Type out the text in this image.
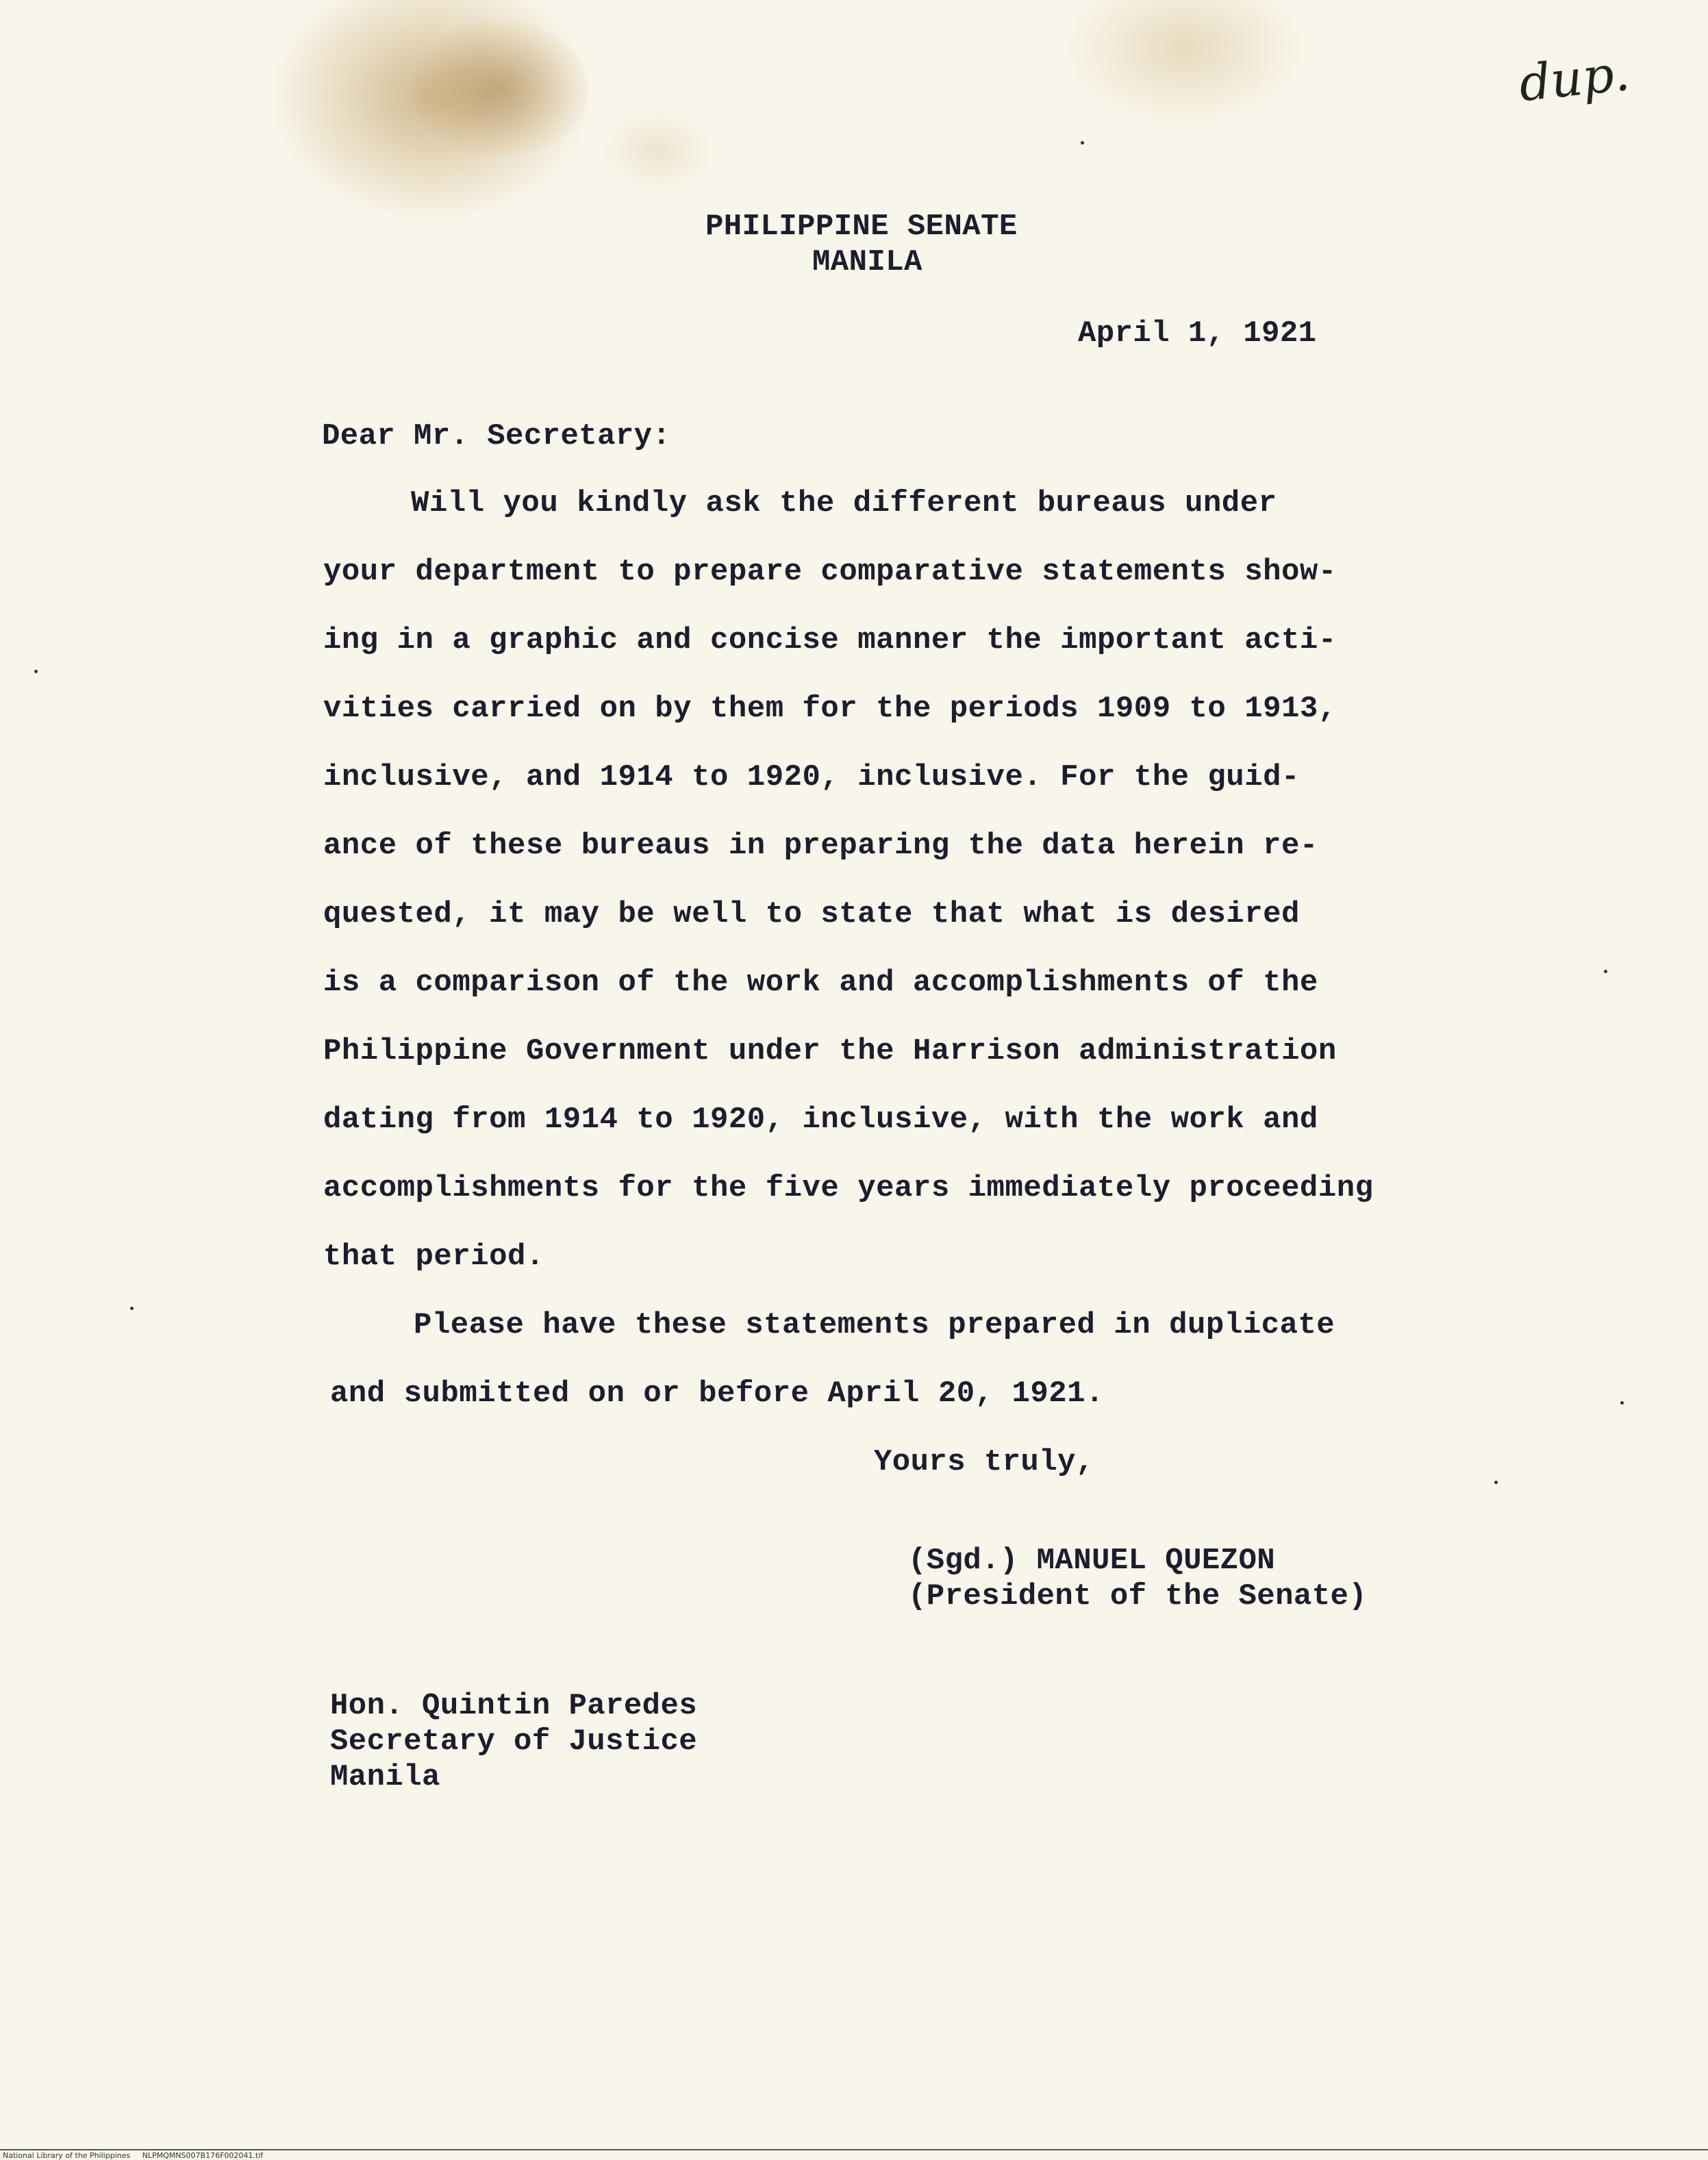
dup.
PHILIPPINE SENATE
MANILA
April 1, 1921
Dear Mr. Secretary:
Will you kindly ask the different bureaus under
your department to prepare comparative statements show-
ing in a graphic and concise manner the important acti-
vities carried on by them for the periods 1909 to 1913,
inclusive, and 1914 to 1920, inclusive. For the guid-
ance of these bureaus in preparing the data herein re-
quested, it may be well to state that what is desired
is a comparison of the work and accomplishments of the
Philippine Government under the Harrison administration
dating from 1914 to 1920, inclusive, with the work and
accomplishments for the five years immediately proceeding
that period.
Please have these statements prepared in duplicate
and submitted on or before April 20, 1921.
Yours truly,
(Sgd.) MANUEL QUEZON
(President of the Senate)
Hon. Quintin Paredes
Secretary of Justice
Manila
National Library of the Philippines     NLPMQMNS007B176F002041.tif
